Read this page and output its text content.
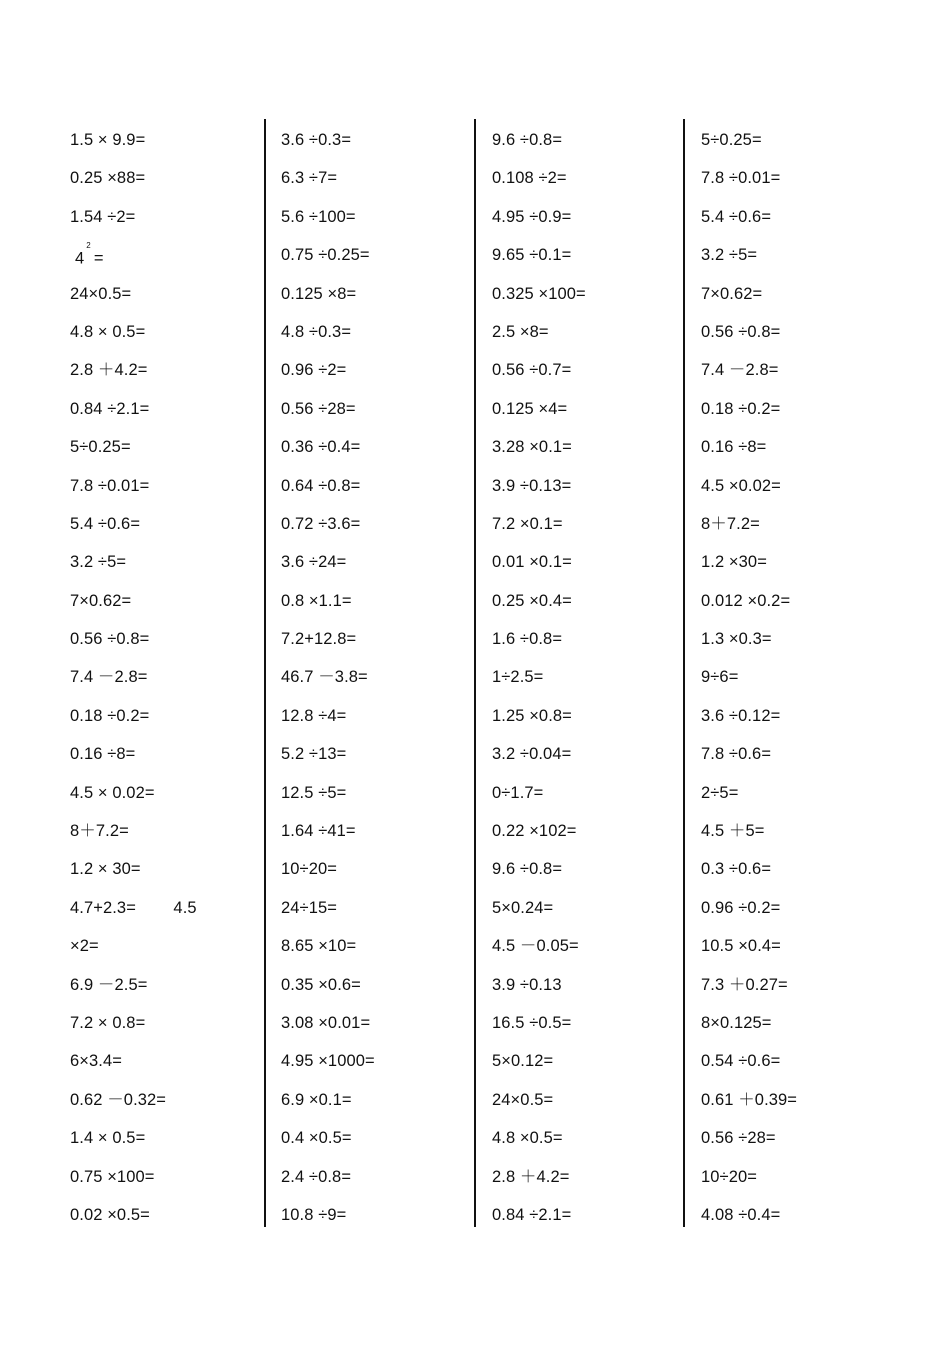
1.5 × 9.9=
0.25 ×88=
1.54 ÷2=
$4^2=$
24×0.5=
4.8 × 0.5=
2.8 ＋4.2=
0.84 ÷2.1=
5÷0.25=
7.8 ÷0.01=
5.4 ÷0.6=
3.2 ÷5=
7×0.62=
0.56 ÷0.8=
7.4 －2.8=
0.18 ÷0.2=
0.16 ÷8=
4.5 × 0.02=
8＋7.2=
1.2 × 30=
4.7+2.3=        4.5
×2=
6.9 －2.5=
7.2 × 0.8=
6×3.4=
0.62 －0.32=
1.4 × 0.5=
0.75 ×100=
0.02 ×0.5=
3.6 ÷0.3=
6.3 ÷7=
5.6 ÷100=
0.75 ÷0.25=
0.125 ×8=
4.8 ÷0.3=
0.96 ÷2=
0.56 ÷28=
0.36 ÷0.4=
0.64 ÷0.8=
0.72 ÷3.6=
3.6 ÷24=
0.8 ×1.1=
7.2+12.8=
46.7 －3.8=
12.8 ÷4=
5.2 ÷13=
12.5 ÷5=
1.64 ÷41=
10÷20=
24÷15=
8.65 ×10=
0.35 ×0.6=
3.08 ×0.01=
4.95 ×1000=
6.9 ×0.1=
0.4 ×0.5=
2.4 ÷0.8=
10.8 ÷9=
9.6 ÷0.8=
0.108 ÷2=
4.95 ÷0.9=
9.65 ÷0.1=
0.325 ×100=
2.5 ×8=
0.56 ÷0.7=
0.125 ×4=
3.28 ×0.1=
3.9 ÷0.13=
7.2 ×0.1=
0.01 ×0.1=
0.25 ×0.4=
1.6 ÷0.8=
1÷2.5=
1.25 ×0.8=
3.2 ÷0.04=
0÷1.7=
0.22 ×102=
9.6 ÷0.8=
5×0.24=
4.5 －0.05=
3.9 ÷0.13
16.5 ÷0.5=
5×0.12=
24×0.5=
4.8 ×0.5=
2.8 ＋4.2=
0.84 ÷2.1=
5÷0.25=
7.8 ÷0.01=
5.4 ÷0.6=
3.2 ÷5=
7×0.62=
0.56 ÷0.8=
7.4 －2.8=
0.18 ÷0.2=
0.16 ÷8=
4.5 ×0.02=
8＋7.2=
1.2 ×30=
0.012 ×0.2=
1.3 ×0.3=
9÷6=
3.6 ÷0.12=
7.8 ÷0.6=
2÷5=
4.5 ＋5=
0.3 ÷0.6=
0.96 ÷0.2=
10.5 ×0.4=
7.3 ＋0.27=
8×0.125=
0.54 ÷0.6=
0.61 ＋0.39=
0.56 ÷28=
10÷20=
4.08 ÷0.4=
